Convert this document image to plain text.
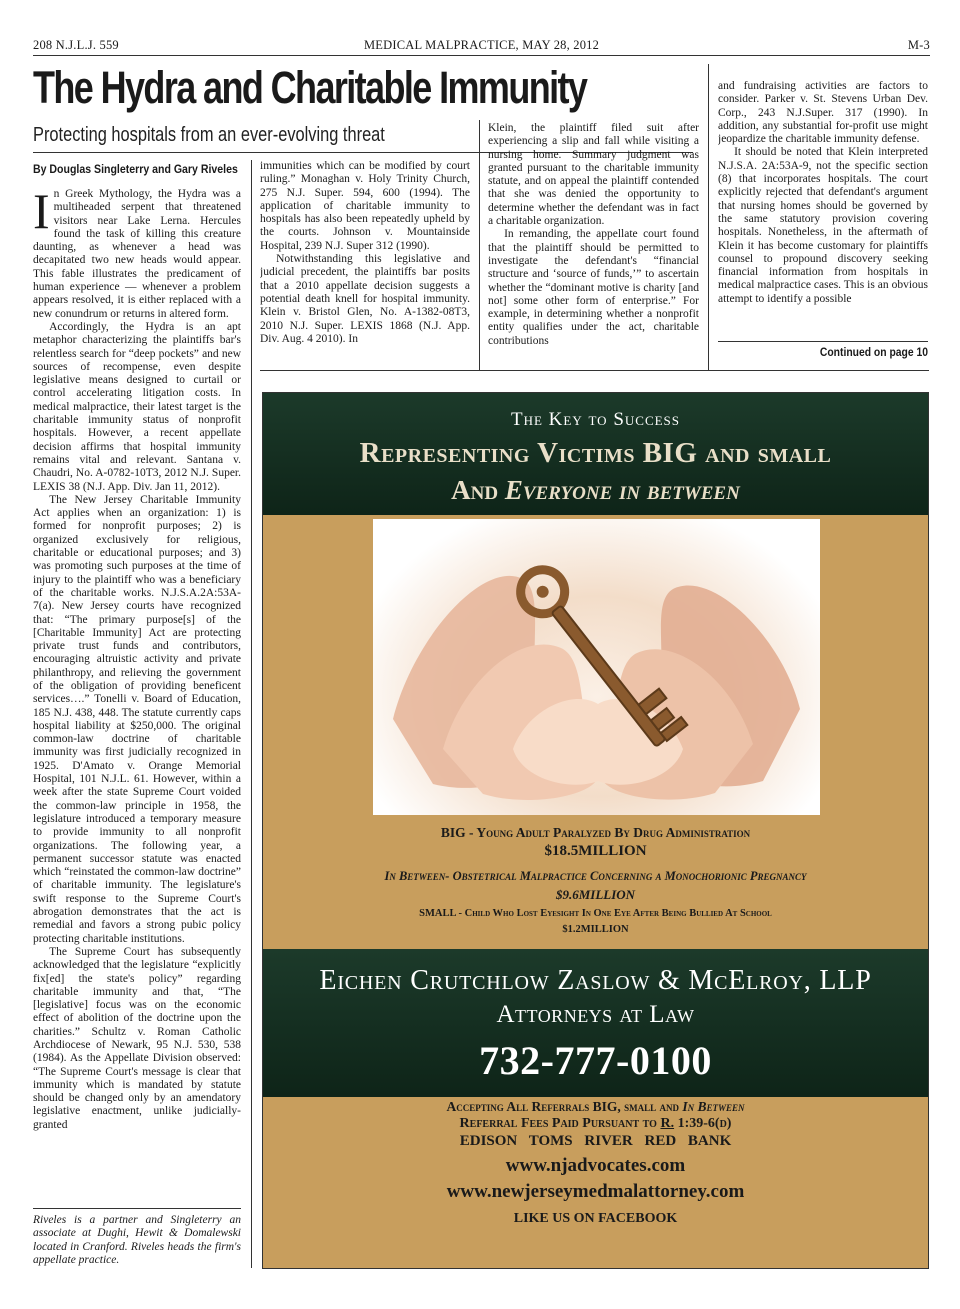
208 N.J.L.J. 559	MEDICAL MALPRACTICE, MAY 28, 2012	M-3
The Hydra and Charitable Immunity
Protecting hospitals from an ever-evolving threat
By Douglas Singleterry and Gary Riveles

In Greek Mythology, the Hydra was a multiheaded serpent that threatened visitors near Lake Lerna. Hercules found the task of killing this creature daunting, as whenever a head was decapitated two new heads would appear. This fable illustrates the predicament of human experience — whenever a problem appears resolved, it is either replaced with a new conundrum or returns in altered form.

Accordingly, the Hydra is an apt metaphor characterizing the plaintiffs bar's relentless search for “deep pockets” and new sources of recompense, even despite legislative means designed to curtail or control accelerating litigation costs. In medical malpractice, their latest target is the charitable immunity status of nonprofit hospitals. However, a recent appellate decision affirms that hospital immunity remains vital and relevant. Santana v. Chaudri, No. A-0782-10T3, 2012 N.J. Super. LEXIS 38 (N.J. App. Div. Jan 11, 2012).

The New Jersey Charitable Immunity Act applies when an organization: 1) is formed for nonprofit purposes; 2) is organized exclusively for religious, charitable or educational purposes; and 3) was promoting such purposes at the time of injury to the plaintiff who was a beneficiary of the charitable works. N.J.S.A.2A:53A-7(a). New Jersey courts have recognized that: “The primary purpose[s] of the [Charitable Immunity] Act are protecting private trust funds and contributors, encouraging altruistic activity and private philanthropy, and relieving the government of the obligation of providing beneficent services….” Tonelli v. Board of Education, 185 N.J. 438, 448. The statute currently caps hospital liability at $250,000. The original common-law doctrine of charitable immunity was first judicially recognized in 1925. D'Amato v. Orange Memorial Hospital, 101 N.J.L. 61. However, within a week after the state Supreme Court voided the common-law principle in 1958, the legislature introduced a temporary measure to provide immunity to all nonprofit organizations. The following year, a permanent successor statute was enacted which “reinstated the common-law doctrine” of charitable immunity. The legislature's swift response to the Supreme Court's abrogation demonstrates that the act is remedial and favors a strong pubic policy protecting charitable institutions.

The Supreme Court has subsequently acknowledged that the legislature “explicitly fix[ed] the state's policy” regarding charitable immunity and that, “The [legislative] focus was on the economic effect of abolition of the doctrine upon the charities.” Schultz v. Roman Catholic Archdiocese of Newark, 95 N.J. 530, 538 (1984). As the Appellate Division observed: “The Supreme Court's message is clear that immunity which is mandated by statute should be changed only by an amendatory legislative enactment, unlike judicially-granted

Riveles is a partner and Singleterry an associate at Dughi, Hewit & Domalewski located in Cranford. Riveles heads the firm's appellate practice.

immunities which can be modified by court ruling.” Monaghan v. Holy Trinity Church, 275 N.J. Super. 594, 600 (1994). The application of charitable immunity to hospitals has also been repeatedly upheld by the courts. Johnson v. Mountainside Hospital, 239 N.J. Super 312 (1990).

Notwithstanding this legislative and judicial precedent, the plaintiffs bar posits that a 2010 appellate decision suggests a potential death knell for hospital immunity. Klein v. Bristol Glen, No. A-1382-08T3, 2010 N.J. Super. LEXIS 1868 (N.J. App. Div. Aug. 4 2010). In

Klein, the plaintiff filed suit after experiencing a slip and fall while visiting a nursing home. Summary judgment was granted pursuant to the charitable immunity statute, and on appeal the plaintiff contended that she was denied the opportunity to determine whether the defendant was in fact a charitable organization.

In remanding, the appellate court found that the plaintiff should be permitted to investigate the defendant's “financial structure and ‘source of funds,’” to ascertain whether the “dominant motive is charity [and not] some other form of enterprise.” For example, in determining whether a nonprofit entity qualifies under the act, charitable contributions

and fundraising activities are factors to consider. Parker v. St. Stevens Urban Dev. Corp., 243 N.J.Super. 317 (1990). In addition, any substantial for-profit use might jeopardize the charitable immunity defense.

It should be noted that Klein interpreted N.J.S.A. 2A:53A-9, not the specific section (8) that incorporates hospitals. The court explicitly rejected that defendant's argument that nursing homes should be governed by the same statutory provision covering hospitals. Nonetheless, in the aftermath of Klein it has become customary for plaintiffs counsel to propound discovery seeking financial information from hospitals in medical malpractice cases. This is an obvious attempt to identify a possible

Continued on page 10
The Key to Success
Representing Victims BIG and small
And Everyone in between
BIG - Young Adult Paralyzed By Drug Administration
$18.5MILLION
In Between- Obstetrical Malpractice Concerning a Monochorionic Pregnancy
$9.6MILLION
SMALL - Child Who Lost Eyesight In One Eye After Being Bullied At School
$1.2MILLION
Eichen Crutchlow Zaslow & McElroy, LLP
Attorneys at Law
732-777-0100
Accepting All Referrals BIG, small and In Between
Referral Fees Paid Pursuant to R. 1:39-6(d)
EDISON TOMS RIVER RED BANK
www.njadvocates.com
www.newjerseymedmalattorney.com
LIKE US ON FACEBOOK
